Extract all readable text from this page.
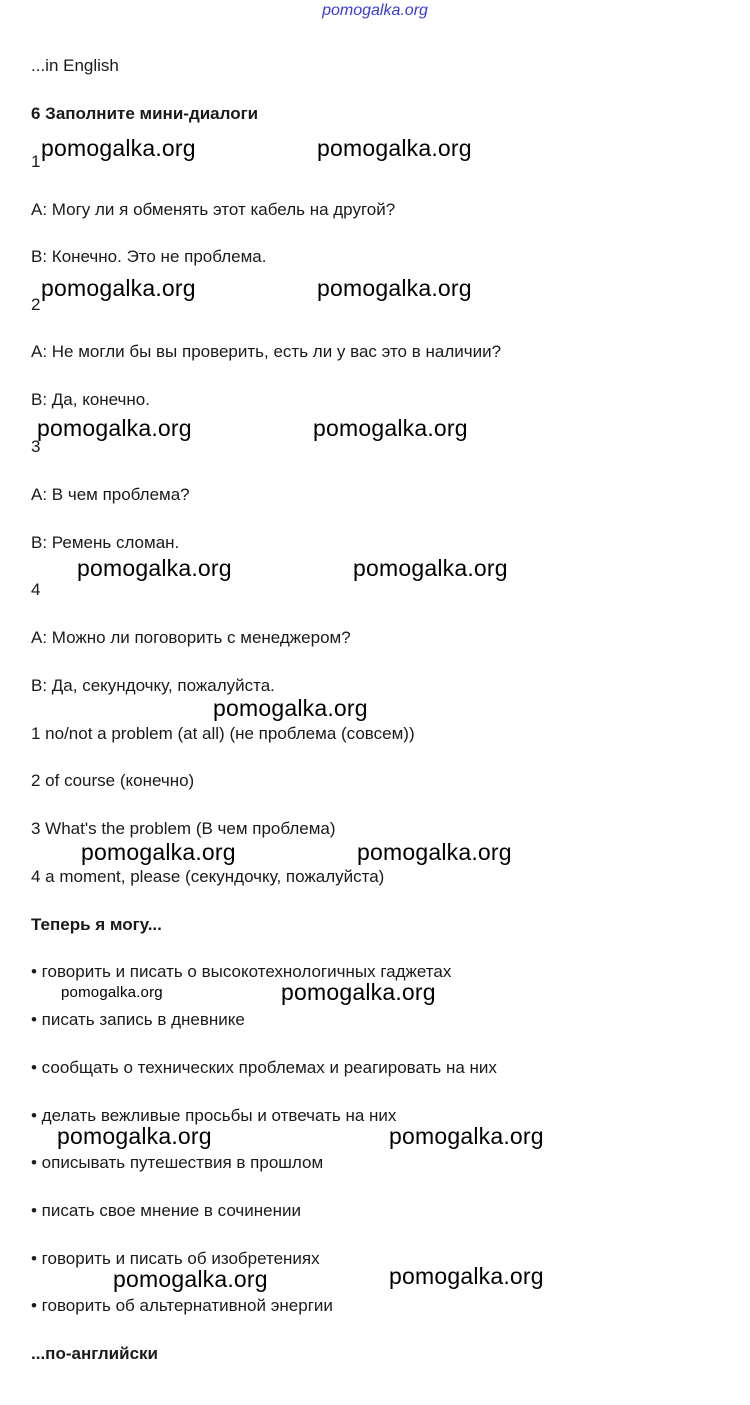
pomogalka.org
...in English
6 Заполните мини-диалоги
1
A: Могу ли я обменять этот кабель на другой?
B: Конечно. Это не проблема.
2
A: Не могли бы вы проверить, есть ли у вас это в наличии?
B: Да, конечно.
3
A: В чем проблема?
B: Ремень сломан.
4
A: Можно ли поговорить с менеджером?
B: Да, секундочку, пожалуйста.
1 no/not a problem (at all) (не проблема (совсем))
2 of course (конечно)
3 What's the problem (В чем проблема)
4 a moment, please (секундочку, пожалуйста)
Теперь я могу...
• говорить и писать о высокотехнологичных гаджетах
• писать запись в дневнике
• сообщать о технических проблемах и реагировать на них
• делать вежливые просьбы и отвечать на них
• описывать путешествия в прошлом
• писать свое мнение в сочинении
• говорить и писать об изобретениях
• говорить об альтернативной энергии
...по-английски
pomogalka.org	pomogalka.org
pomogalka.org	pomogalka.org
pomogalka.org	pomogalka.org
pomogalka.org	pomogalka.org
pomogalka.org
pomogalka.org	pomogalka.org
pomogalka.org	pomogalka.org
pomogalka.org	pomogalka.org
pomogalka.org	pomogalka.org
